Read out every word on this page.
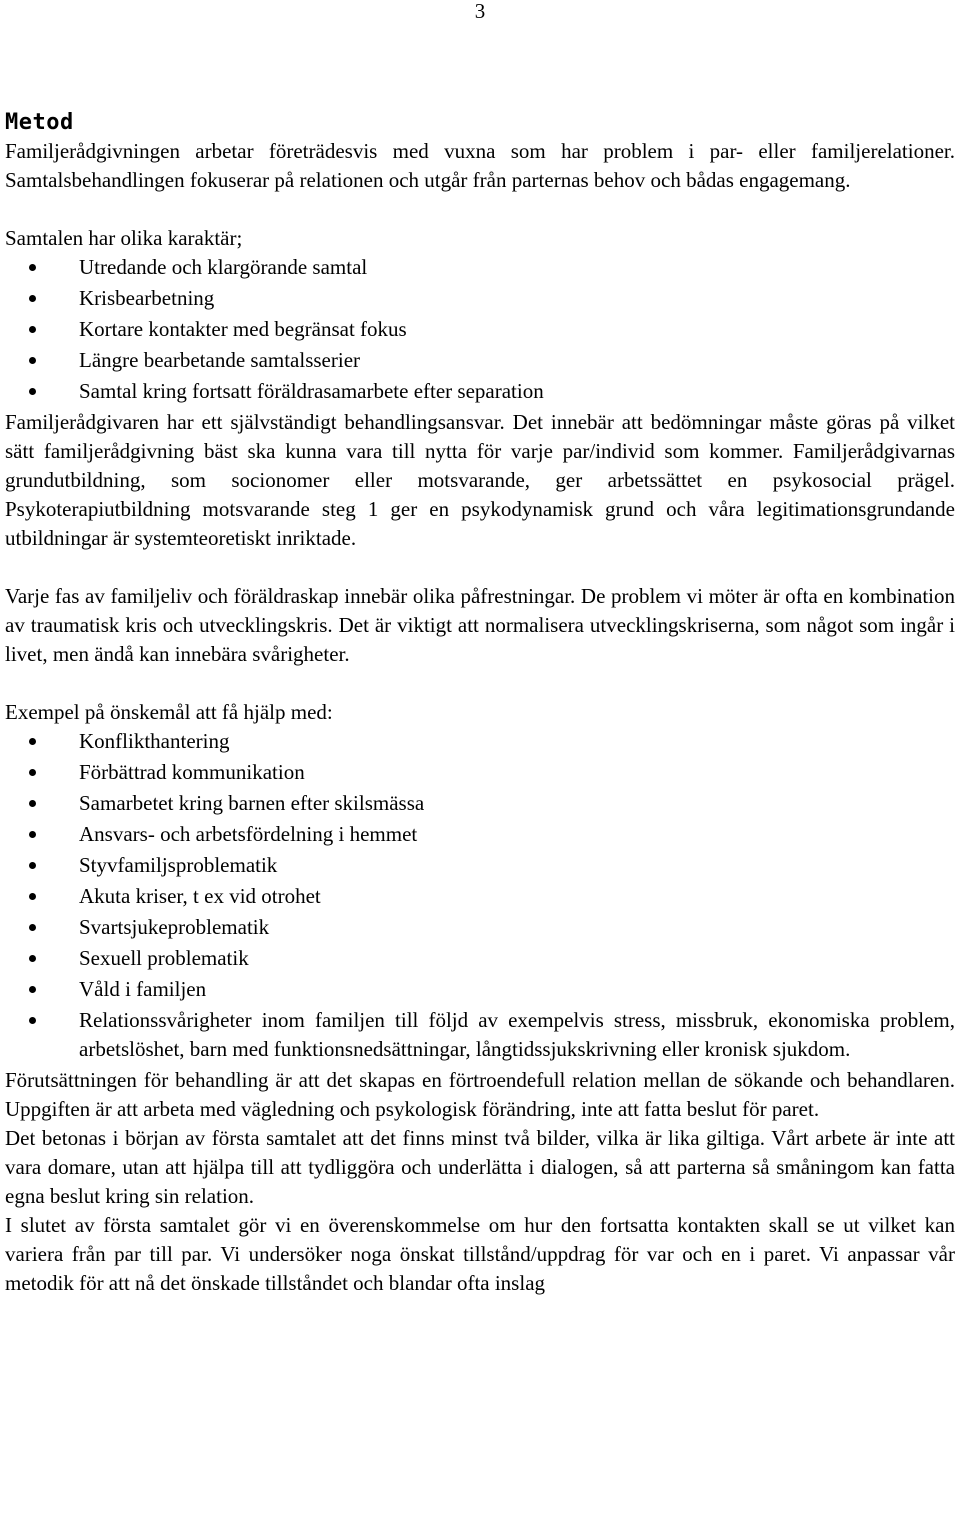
3
Metod

Familjerådgivningen arbetar företrädesvis med vuxna som har problem i par- eller familjerelationer. Samtalsbehandlingen fokuserar på relationen och utgår från parternas behov och bådas engagemang.

Samtalen har olika karaktär;

Utredande och klargörande samtal
Krisbearbetning
Kortare kontakter med begränsat fokus
Längre bearbetande samtalsserier
Samtal kring fortsatt föräldrasamarbete efter separation

Familjerådgivaren har ett självständigt behandlingsansvar. Det innebär att bedömningar måste göras på vilket sätt familjerådgivning bäst ska kunna vara till nytta för varje par/individ som kommer. Familjerådgivarnas grundutbildning, som socionomer eller motsvarande, ger arbetssättet en psykosocial prägel. Psykoterapiutbildning motsvarande steg 1 ger en psykodynamisk grund och våra legitimationsgrundande utbildningar är systemteoretiskt inriktade.

Varje fas av familjeliv och föräldraskap innebär olika påfrestningar. De problem vi möter är ofta en kombination av traumatisk kris och utvecklingskris. Det är viktigt att normalisera utvecklingskriserna, som något som ingår i livet, men ändå kan innebära svårigheter.

Exempel på önskemål att få hjälp med:

Konflikthantering
Förbättrad kommunikation
Samarbetet kring barnen efter skilsmässa
Ansvars- och arbetsfördelning i hemmet
Styvfamiljsproblematik
Akuta kriser, t ex vid otrohet
Svartsjukeproblematik
Sexuell problematik
Våld i familjen
Relationssvårigheter inom familjen till följd av exempelvis stress, missbruk, ekonomiska problem, arbetslöshet, barn med funktionsnedsättningar, långtidssjukskrivning eller kronisk sjukdom.

Förutsättningen för behandling är att det skapas en förtroendefull relation mellan de sökande och behandlaren. Uppgiften är att arbeta med vägledning och psykologisk förändring, inte att fatta beslut för paret.

Det betonas i början av första samtalet att det finns minst två bilder, vilka är lika giltiga. Vårt arbete är inte att vara domare, utan att hjälpa till att tydliggöra och underlätta i dialogen, så att parterna så småningom kan fatta egna beslut kring sin relation.

I slutet av första samtalet gör vi en överenskommelse om hur den fortsatta kontakten skall se ut vilket kan variera från par till par. Vi undersöker noga önskat tillstånd/uppdrag för var och en i paret. Vi anpassar vår metodik för att nå det önskade tillståndet och blandar ofta inslag
